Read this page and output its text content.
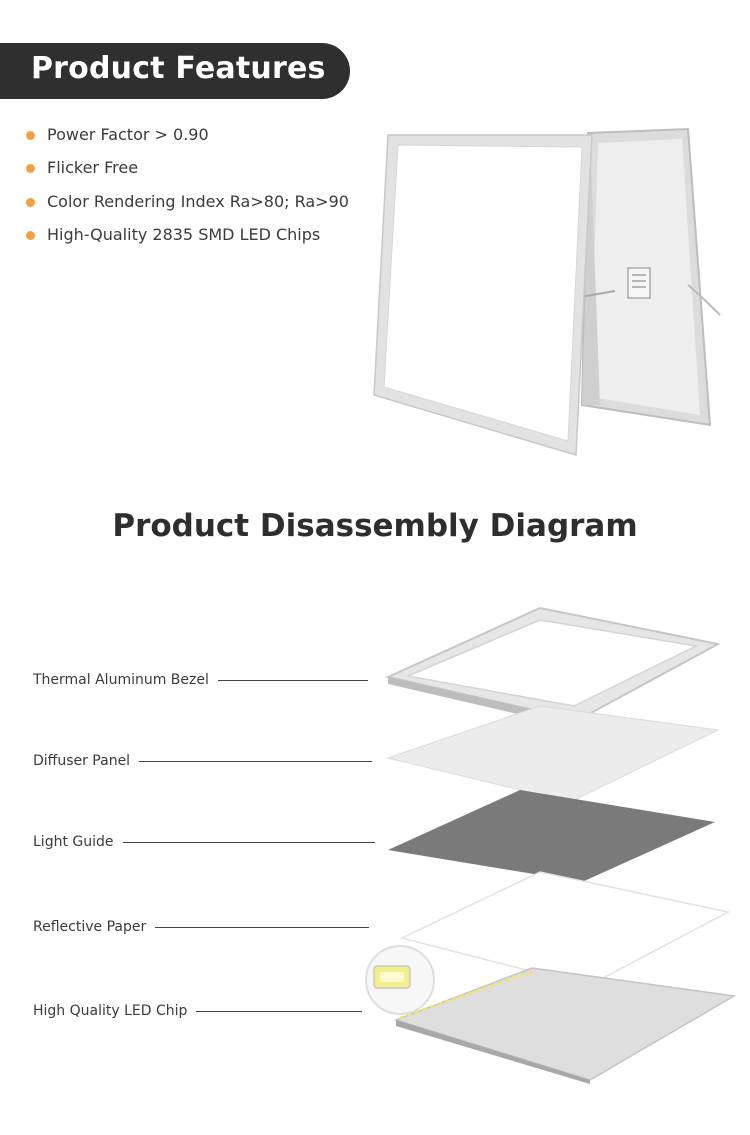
Product Features
Power Factor > 0.90
Flicker Free
Color Rendering Index Ra>80; Ra>90
High-Quality 2835 SMD LED Chips
Product Disassembly Diagram
Thermal Aluminum Bezel
Diffuser Panel
Light Guide
Reflective Paper
High Quality LED Chip
